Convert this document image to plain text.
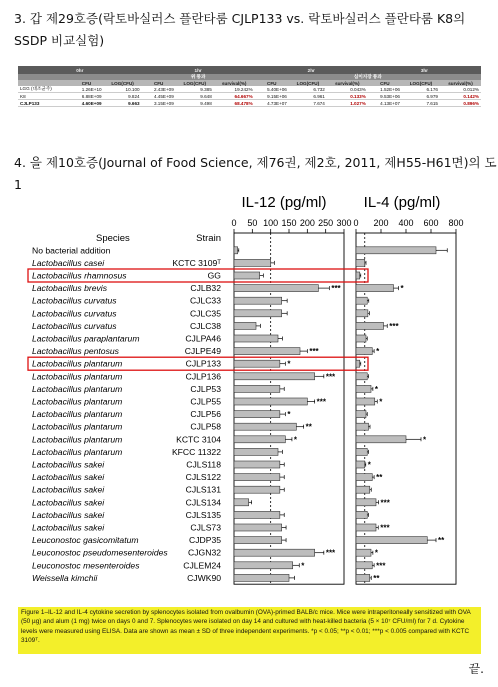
3. 갑 제29호증(락토바실러스 플란타룸 CJLP133 vs. 락토바실러스 플란타룸 K8의
SSDP 비교실험)
0hr			1hr			2hr			3hr		
			위 통과			십이지장 통과					
	CFU	LOG(CFU)	CFU	LOG(CFU)	survival(%)	CFU	LOG(CFU)	survival(%)	CFU	LOG(CFU)	survival(%)
LGG (대조균주)	1.26E+10	10.100	2.43E+09	9.385	19.242%	5.40E+06	6.732	0.043%	1.52E+06	6.176	0.012%
K8	6.88E+09	9.824	4.45E+09	9.648	64.667%	9.15E+06	6.961	0.133%	9.53E+06	6.979	0.142%
CJLP133	4.60E+09	9.663	3.15E+09	9.498	68.478%	4.73E+07	7.674	1.027%	4.13E+07	7.615	0.896%
4. 을 제10호증(Journal of Food Science, 제76권, 제2호, 2011, 제H55-H61면)의 도 1
IL-12 (pg/ml) IL-4 (pg/ml)
0 50 100 150 200 250 300 0 200 400 600 800
Species	Strain
No bacterial addition
Lactobacillus casei	KCTC 3109ᵀ
Lactobacillus rhamnosus	GG
Lactobacillus brevis	CJLB32	***	*
Lactobacillus curvatus	CJLC33
Lactobacillus curvatus	CJLC35
Lactobacillus curvatus	CJLC38	***
Lactobacillus paraplantarum	CJLPA46
Lactobacillus pentosus	CJLPE49	***	*
Lactobacillus plantarum	CJLP133	*
Lactobacillus plantarum	CJLP136	***
Lactobacillus plantarum	CJLP53	*
Lactobacillus plantarum	CJLP55	***	*
Lactobacillus plantarum	CJLP56	*
Lactobacillus plantarum	CJLP58	**
Lactobacillus plantarum	KCTC 3104	*	*
Lactobacillus plantarum	KFCC 11322
Lactobacillus sakei	CJLS118	*
Lactobacillus sakei	CJLS122	**
Lactobacillus sakei	CJLS131
Lactobacillus sakei	CJLS134	***
Lactobacillus sakei	CJLS135
Lactobacillus sakei	CJLS73	***
Leuconostoc gasicomitatum	CJDP35	**
Leuconostoc pseudomesenteroides CJGN32	***	*
Leuconostoc mesenteroides	CJLEM24	*	***
Weissella kimchii	CJWK90	**
Figure 1–IL-12 and IL-4 cytokine secretion by splenocytes isolated from ovalbumin (OVA)-primed BALB/c mice. Mice were intraperitoneally sensitized with OVA (50 µg) and alum (1 mg) twice on days 0 and 7. Splenocytes were isolated on day 14 and cultured with heat-killed bacteria (5 × 10⁷ CFU/ml) for 7 d. Cytokine levels were measured using ELISA. Data are shown as mean ± SD of three independent experiments. *p < 0.05; **p < 0.01; ***p < 0.005 compared with KCTC 3109ᵀ.
끝.
